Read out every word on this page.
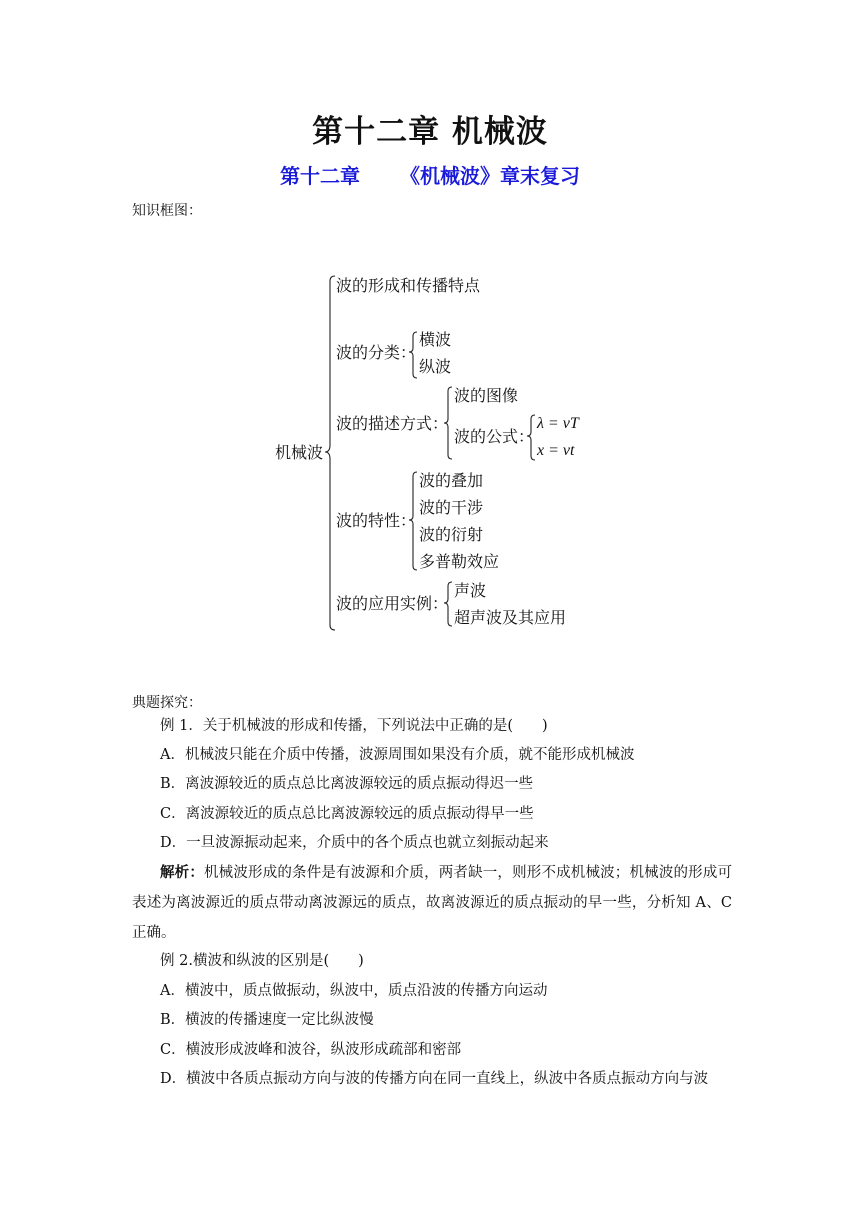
第十二章 机械波
第十二章 《机械波》章末复习
知识框图：
机械波
波的形成和传播特点
波的分类：
横波
纵波
波的描述方式：
波的图像
波的公式：
λ = vT
x = vt
波的特性：
波的叠加
波的干涉
波的衍射
多普勒效应
波的应用实例：
声波
超声波及其应用
典题探究：
例 1．关于机械波的形成和传播，下列说法中正确的是(　　)
A．机械波只能在介质中传播，波源周围如果没有介质，就不能形成机械波
B．离波源较近的质点总比离波源较远的质点振动得迟一些
C．离波源较近的质点总比离波源较远的质点振动得早一些
D．一旦波源振动起来，介质中的各个质点也就立刻振动起来
解析：机械波形成的条件是有波源和介质，两者缺一，则形不成机械波；机械波的形成可表述为离波源近的质点带动离波源远的质点，故离波源近的质点振动的早一些，分析知 A、C 正确。
例 2.横波和纵波的区别是(　　)
A．横波中，质点做振动，纵波中，质点沿波的传播方向运动
B．横波的传播速度一定比纵波慢
C．横波形成波峰和波谷，纵波形成疏部和密部
D．横波中各质点振动方向与波的传播方向在同一直线上，纵波中各质点振动方向与波
